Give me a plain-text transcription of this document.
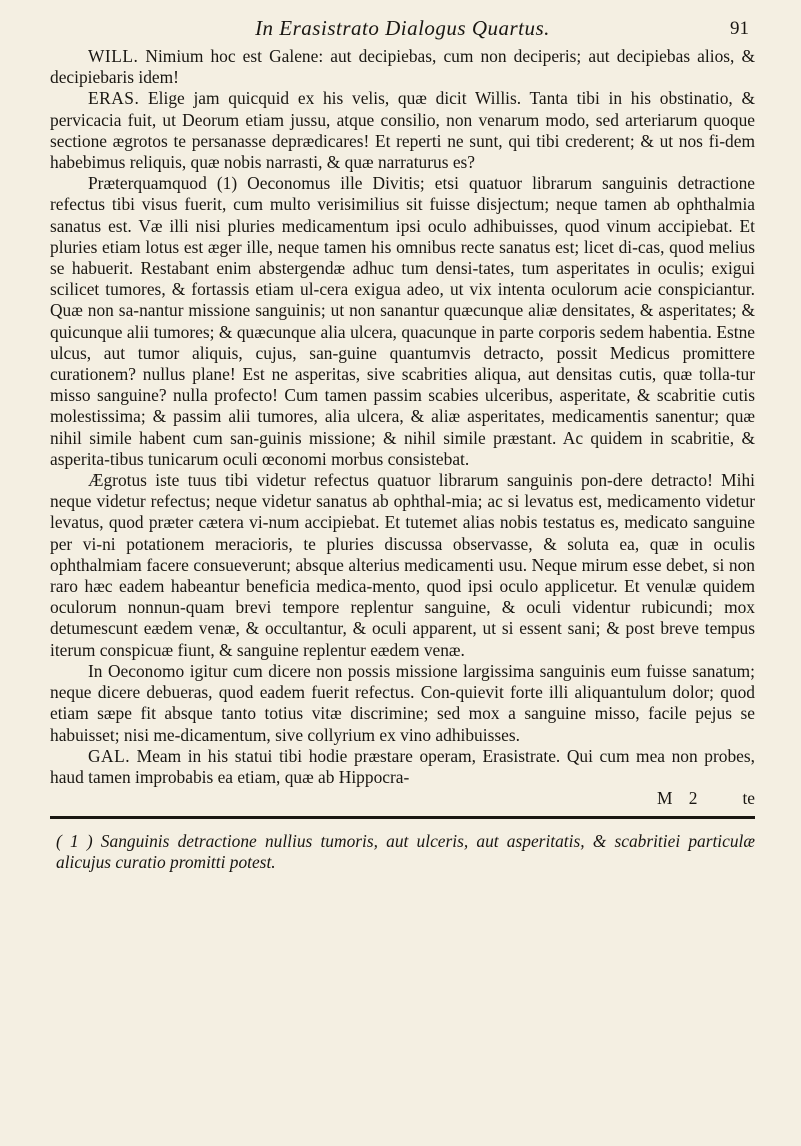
In Erasistrato Dialogus Quartus.	91

WILL. Nimium hoc est Galene: aut decipiebas, cum non deciperis; aut decipiebas alios, & decipiebaris idem!

ERAS. Elige jam quicquid ex his velis, quæ dicit Willis. Tanta tibi in his obstinatio, & pervicacia fuit, ut Deorum etiam jussu, atque consilio, non venarum modo, sed arteriarum quoque sectione ægrotos te persanasse deprædicares! Et reperti ne sunt, qui tibi crederent; & ut nos fi-dem habebimus reliquis, quæ nobis narrasti, & quæ narraturus es?

Præterquamquod (1) Oeconomus ille Divitis; etsi quatuor librarum sanguinis detractione refectus tibi visus fuerit, cum multo verisimilius sit fuisse disjectum; neque tamen ab ophthalmia sanatus est. Væ illi nisi pluries medicamentum ipsi oculo adhibuisses, quod vinum accipiebat. Et pluries etiam lotus est æger ille, neque tamen his omnibus recte sanatus est; licet di-cas, quod melius se habuerit. Restabant enim abstergendæ adhuc tum densi-tates, tum asperitates in oculis; exigui scilicet tumores, & fortassis etiam ul-cera exigua adeo, ut vix intenta oculorum acie conspiciantur. Quæ non sa-nantur missione sanguinis; ut non sanantur quæcunque aliæ densitates, & asperitates; & quicunque alii tumores; & quæcunque alia ulcera, quacunque in parte corporis sedem habentia. Estne ulcus, aut tumor aliquis, cujus, san-guine quantumvis detracto, possit Medicus promittere curationem? nullus plane! Est ne asperitas, sive scabrities aliqua, aut densitas cutis, quæ tolla-tur misso sanguine? nulla profecto! Cum tamen passim scabies ulceribus, asperitate, & scabritie cutis molestissima; & passim alii tumores, alia ulcera, & aliæ asperitates, medicamentis sanentur; quæ nihil simile habent cum san-guinis missione; & nihil simile præstant. Ac quidem in scabritie, & asperita-tibus tunicarum oculi œconomi morbus consistebat.

Ægrotus iste tuus tibi videtur refectus quatuor librarum sanguinis pon-dere detracto! Mihi neque videtur refectus; neque videtur sanatus ab ophthal-mia; ac si levatus est, medicamento videtur levatus, quod præter cætera vi-num accipiebat. Et tutemet alias nobis testatus es, medicato sanguine per vi-ni potationem meracioris, te pluries discussa observasse, & soluta ea, quæ in oculis ophthalmiam facere consueverunt; absque alterius medicamenti usu. Neque mirum esse debet, si non raro hæc eadem habeantur beneficia medica-mento, quod ipsi oculo applicetur. Et venulæ quidem oculorum nonnun-quam brevi tempore replentur sanguine, & oculi videntur rubicundi; mox detumescunt eædem venæ, & occultantur, & oculi apparent, ut si essent sani; & post breve tempus iterum conspicuæ fiunt, & sanguine replentur eædem venæ.

In Oeconomo igitur cum dicere non possis missione largissima sanguinis eum fuisse sanatum; neque dicere debueras, quod eadem fuerit refectus. Con-quievit forte illi aliquantulum dolor; quod etiam sæpe fit absque tanto totius vitæ discrimine; sed mox a sanguine misso, facile pejus se habuisset; nisi me-dicamentum, sive collyrium ex vino adhibuisses.

GAL. Meam in his statui tibi hodie præstare operam, Erasistrate. Qui cum mea non probes, haud tamen improbabis ea etiam, quæ ab Hippocra-

M 2 te
( 1 ) Sanguinis detractione nullius tumoris, aut ulceris, aut asperitatis, & scabritiei particulæ alicujus curatio promitti potest.
